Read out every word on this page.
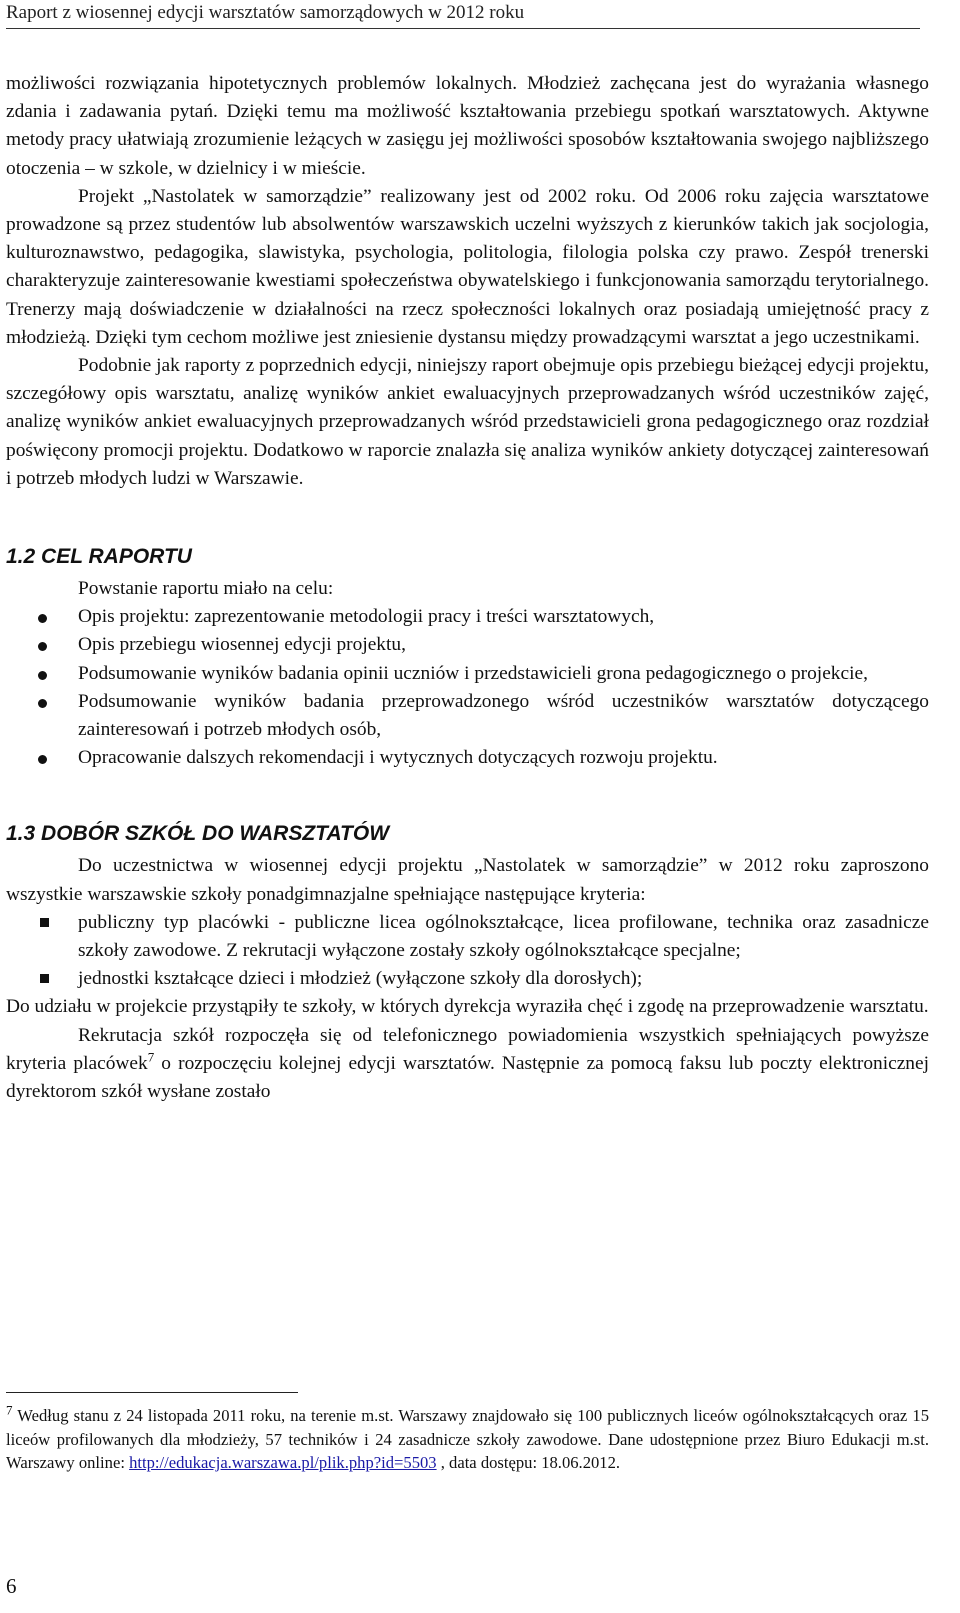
Raport z wiosennej edycji warsztatów samorządowych w 2012 roku

możliwości rozwiązania hipotetycznych problemów lokalnych. Młodzież zachęcana jest do wyrażania własnego zdania i zadawania pytań. Dzięki temu ma możliwość kształtowania przebiegu spotkań warsztatowych. Aktywne metody pracy ułatwiają zrozumienie leżących w zasięgu jej możliwości sposobów kształtowania swojego najbliższego otoczenia – w szkole, w dzielnicy i w mieście.

Projekt „Nastolatek w samorządzie” realizowany jest od 2002 roku. Od 2006 roku zajęcia warsztatowe prowadzone są przez studentów lub absolwentów warszawskich uczelni wyższych z kierunków takich jak socjologia, kulturoznawstwo, pedagogika, slawistyka, psychologia, politologia, filologia polska czy prawo. Zespół trenerski charakteryzuje zainteresowanie kwestiami społeczeństwa obywatelskiego i funkcjonowania samorządu terytorialnego. Trenerzy mają doświadczenie w działalności na rzecz społeczności lokalnych oraz posiadają umiejętność pracy z młodzieżą. Dzięki tym cechom możliwe jest zniesienie dystansu między prowadzącymi warsztat a jego uczestnikami.

Podobnie jak raporty z poprzednich edycji, niniejszy raport obejmuje opis przebiegu bieżącej edycji projektu, szczegółowy opis warsztatu, analizę wyników ankiet ewaluacyjnych przeprowadzanych wśród uczestników zajęć, analizę wyników ankiet ewaluacyjnych przeprowadzanych wśród przedstawicieli grona pedagogicznego oraz rozdział poświęcony promocji projektu. Dodatkowo w raporcie znalazła się analiza wyników ankiety dotyczącej zainteresowań i potrzeb młodych ludzi w Warszawie.

1.2 CEL RAPORTU

Powstanie raportu miało na celu:

Opis projektu: zaprezentowanie metodologii pracy i treści warsztatowych,
Opis przebiegu wiosennej edycji projektu,
Podsumowanie wyników badania opinii uczniów i przedstawicieli grona pedagogicznego o projekcie,
Podsumowanie wyników badania przeprowadzonego wśród uczestników warsztatów dotyczącego zainteresowań i potrzeb młodych osób,
Opracowanie dalszych rekomendacji i wytycznych dotyczących rozwoju projektu.
1.3 DOBÓR SZKÓŁ DO WARSZTATÓW

Do uczestnictwa w wiosennej edycji projektu „Nastolatek w samorządzie” w 2012 roku zaproszono wszystkie warszawskie szkoły ponadgimnazjalne spełniające następujące kryteria:

publiczny typ placówki - publiczne licea ogólnokształcące, licea profilowane, technika oraz zasadnicze szkoły zawodowe. Z rekrutacji wyłączone zostały szkoły ogólnokształcące specjalne;
jednostki kształcące dzieci i młodzież (wyłączone szkoły dla dorosłych);

Do udziału w projekcie przystąpiły te szkoły, w których dyrekcja wyraziła chęć i zgodę na przeprowadzenie warsztatu.

Rekrutacja szkół rozpoczęła się od telefonicznego powiadomienia wszystkich spełniających powyższe kryteria placówek$^7$ o rozpoczęciu kolejnej edycji warsztatów. Następnie za pomocą faksu lub poczty elektronicznej dyrektorom szkół wysłane zostało

$^7$ Według stanu z 24 listopada 2011 roku, na terenie m.st. Warszawy znajdowało się 100 publicznych liceów ogólnokształcących oraz 15 liceów profilowanych dla młodzieży, 57 techników i 24 zasadnicze szkoły zawodowe. Dane udostępnione przez Biuro Edukacji m.st. Warszawy online: http://edukacja.warszawa.pl/plik.php?id=5503 , data dostępu: 18.06.2012.
6
